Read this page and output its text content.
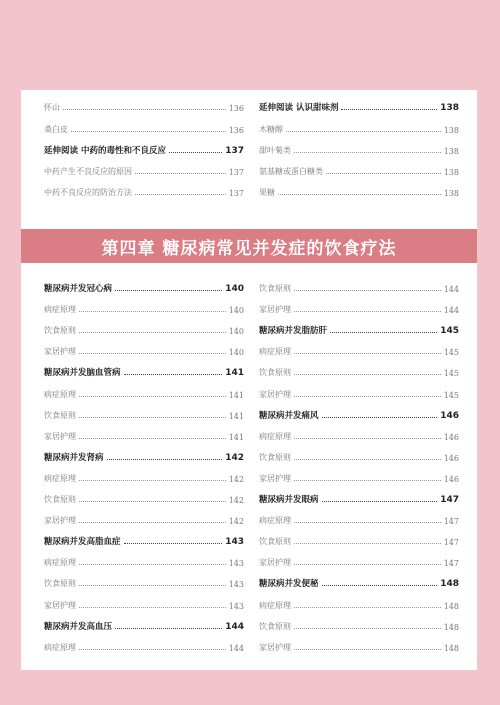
怀山	136
桑白皮	136
延伸阅读 中药的毒性和不良反应	137
中药产生不良反应的原因	137
中药不良反应的防治方法	137
延伸阅读 认识甜味剂	138
木糖醇	138
甜叶菊类	138
氨基糖或蛋白糖类	138
果糖	138
第四章 糖尿病常见并发症的饮食疗法
糖尿病并发冠心病	140
病症原理	140
饮食原则	140
家居护理	140
糖尿病并发脑血管病	141
病症原理	141
饮食原则	141
家居护理	141
糖尿病并发肾病	142
病症原理	142
饮食原则	142
家居护理	142
糖尿病并发高脂血症	143
病症原理	143
饮食原则	143
家居护理	143
糖尿病并发高血压	144
病症原理	144
饮食原则	144
家居护理	144
糖尿病并发脂肪肝	145
病症原理	145
饮食原则	145
家居护理	145
糖尿病并发痛风	146
病症原理	146
饮食原则	146
家居护理	146
糖尿病并发眼病	147
病症原理	147
饮食原则	147
家居护理	147
糖尿病并发便秘	148
病症原理	148
饮食原则	148
家居护理	148
